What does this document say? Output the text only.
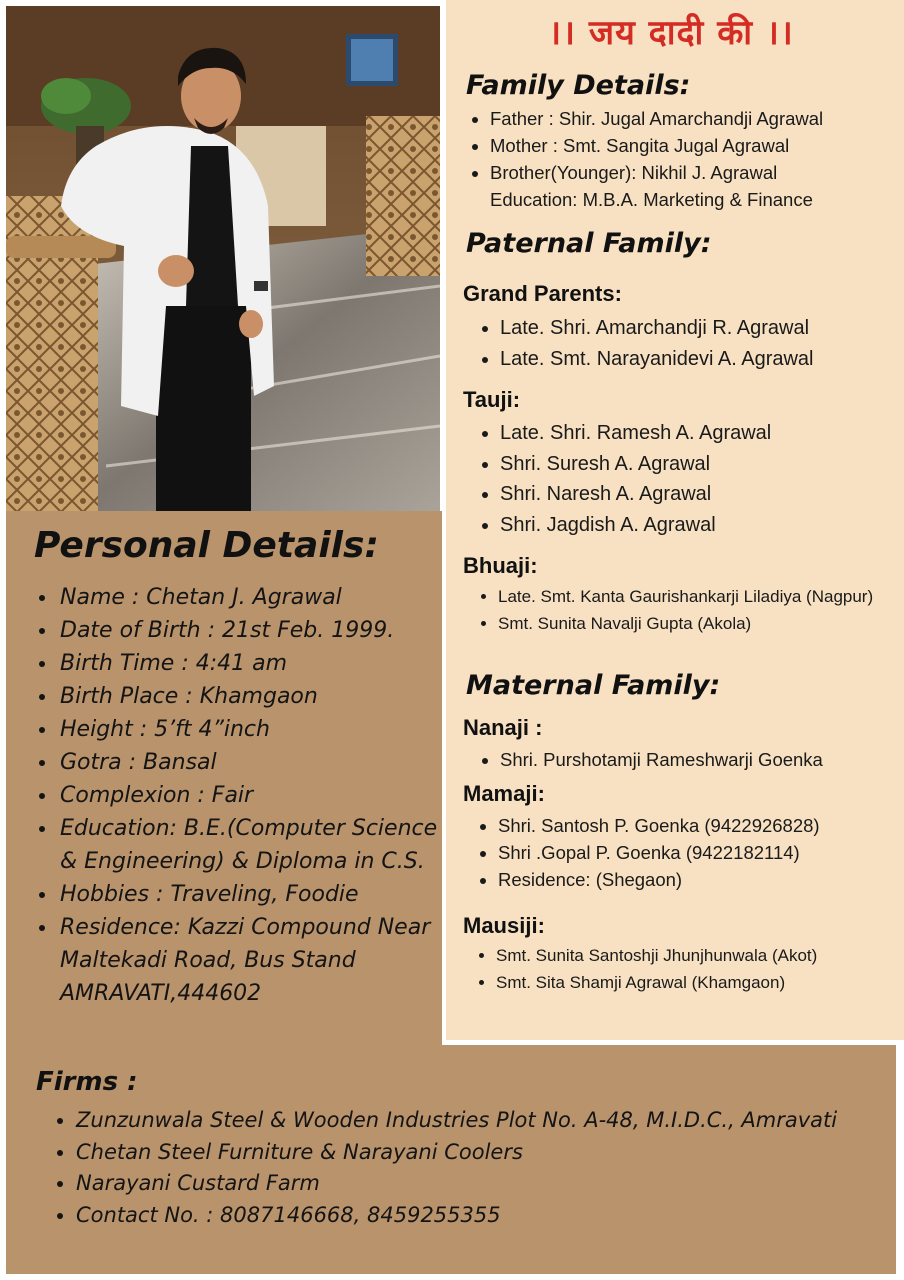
Personal Details:
• Name : Chetan J. Agrawal
• Date of Birth : 21st Feb. 1999.
• Birth Time : 4:41 am
• Birth Place : Khamgaon
• Height : 5’ft 4”inch
• Gotra : Bansal
• Complexion : Fair
• Education: B.E.(Computer Science & Engineering) & Diploma in C.S.
• Hobbies : Traveling, Foodie
• Residence: Kazzi Compound Near Maltekadi Road, Bus Stand AMRAVATI,444602
।। जय दादी की ।।
Family Details:
• Father : Shir. Jugal Amarchandji Agrawal
• Mother : Smt. Sangita Jugal Agrawal
• Brother(Younger): Nikhil J. Agrawal
Education: M.B.A. Marketing & Finance
Paternal Family:
Grand Parents:
• Late. Shri. Amarchandji R. Agrawal
• Late. Smt. Narayanidevi A. Agrawal
Tauji:
• Late. Shri. Ramesh A. Agrawal
• Shri. Suresh A. Agrawal
• Shri. Naresh A. Agrawal
• Shri. Jagdish A. Agrawal
Bhuaji:
• Late. Smt. Kanta Gaurishankarji Liladiya (Nagpur)
• Smt. Sunita Navalji Gupta (Akola)
Maternal Family:
Nanaji :
• Shri. Purshotamji Rameshwarji Goenka
Mamaji:
• Shri. Santosh P. Goenka (9422926828)
• Shri .Gopal P. Goenka (9422182114)
• Residence: (Shegaon)
Mausiji:
• Smt. Sunita Santoshji Jhunjhunwala (Akot)
• Smt. Sita Shamji Agrawal (Khamgaon)
Firms :
• Zunzunwala Steel & Wooden Industries Plot No. A-48, M.I.D.C., Amravati
• Chetan Steel Furniture & Narayani Coolers
• Narayani Custard Farm
• Contact No. : 8087146668, 8459255355
